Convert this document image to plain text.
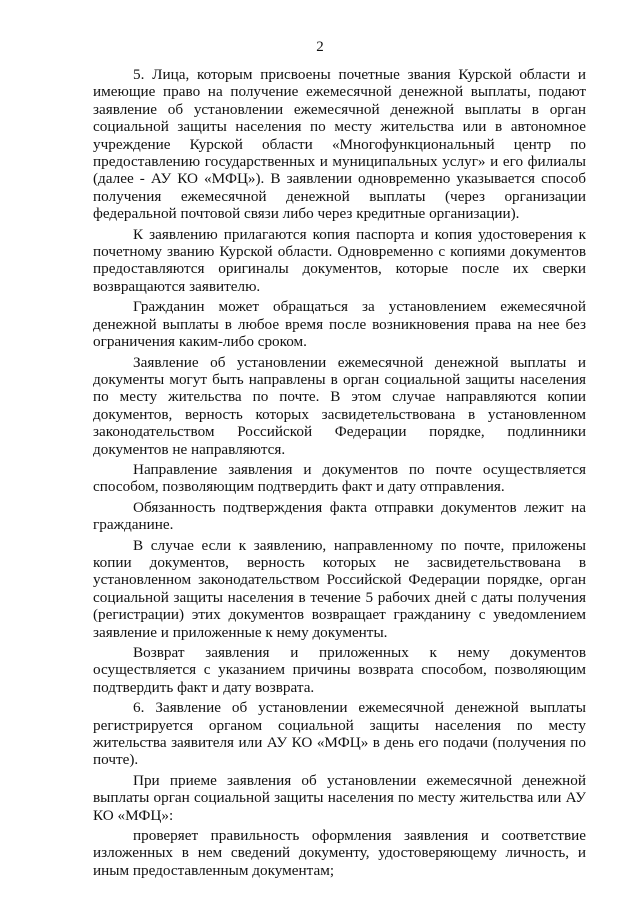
2

5. Лица, которым присвоены почетные звания Курской области и имеющие право на получение ежемесячной денежной выплаты, подают заявление об установлении ежемесячной денежной выплаты в орган социальной защиты населения по месту жительства или в автономное учреждение Курской области «Многофункциональный центр по предоставлению государственных и муниципальных услуг» и его филиалы (далее - АУ КО «МФЦ»). В заявлении одновременно указывается способ получения ежемесячной денежной выплаты (через организации федеральной почтовой связи либо через кредитные организации).

К заявлению прилагаются копия паспорта и копия удостоверения к почетному званию Курской области. Одновременно с копиями документов предоставляются оригиналы документов, которые после их сверки возвращаются заявителю.

Гражданин может обращаться за установлением ежемесячной денежной выплаты в любое время после возникновения права на нее без ограничения каким-либо сроком.

Заявление об установлении ежемесячной денежной выплаты и документы могут быть направлены в орган социальной защиты населения по месту жительства по почте. В этом случае направляются копии документов, верность которых засвидетельствована в установленном законодательством Российской Федерации порядке, подлинники документов не направляются.

Направление заявления и документов по почте осуществляется способом, позволяющим подтвердить факт и дату отправления.

Обязанность подтверждения факта отправки документов лежит на гражданине.

В случае если к заявлению, направленному по почте, приложены копии документов, верность которых не засвидетельствована в установленном законодательством Российской Федерации порядке, орган социальной защиты населения в течение 5 рабочих дней с даты получения (регистрации) этих документов возвращает гражданину с уведомлением заявление и приложенные к нему документы.

Возврат заявления и приложенных к нему документов осуществляется с указанием причины возврата способом, позволяющим подтвердить факт и дату возврата.

6. Заявление об установлении ежемесячной денежной выплаты регистрируется органом социальной защиты населения по месту жительства заявителя или АУ КО «МФЦ» в день его подачи (получения по почте).

При приеме заявления об установлении ежемесячной денежной выплаты орган социальной защиты населения по месту жительства или АУ КО «МФЦ»:

проверяет правильность оформления заявления и соответствие изложенных в нем сведений документу, удостоверяющему личность, и иным предоставленным документам;
